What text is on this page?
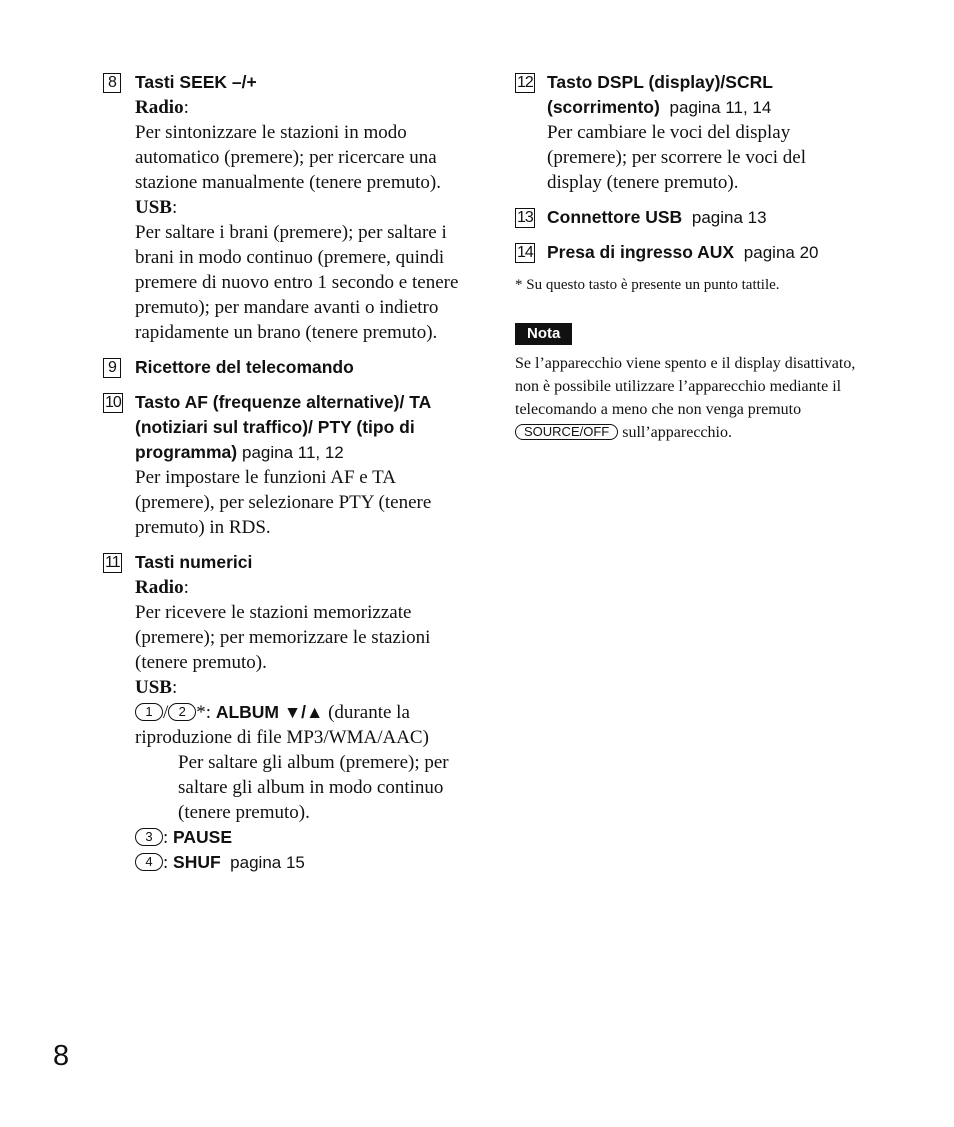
8 Tasti SEEK –/+
Radio:
Per sintonizzare le stazioni in modo automatico (premere); per ricercare una stazione manualmente (tenere premuto).
USB:
Per saltare i brani (premere); per saltare i brani in modo continuo (premere, quindi premere di nuovo entro 1 secondo e tenere premuto); per mandare avanti o indietro rapidamente un brano (tenere premuto).
9 Ricettore del telecomando
10 Tasto AF (frequenze alternative)/ TA (notiziari sul traffico)/ PTY (tipo di programma) pagina 11, 12
Per impostare le funzioni AF e TA (premere), per selezionare PTY (tenere premuto) in RDS.
11 Tasti numerici
Radio:
Per ricevere le stazioni memorizzate (premere); per memorizzare le stazioni (tenere premuto).
USB:
1 / 2 *: ALBUM ▼/▲ (durante la riproduzione di file MP3/WMA/AAC)
Per saltare gli album (premere); per saltare gli album in modo continuo (tenere premuto).
3 : PAUSE
4 : SHUF pagina 15
12 Tasto DSPL (display)/SCRL (scorrimento) pagina 11, 14
Per cambiare le voci del display (premere); per scorrere le voci del display (tenere premuto).
13 Connettore USB pagina 13
14 Presa di ingresso AUX pagina 20
* Su questo tasto è presente un punto tattile.
Nota
Se l’apparecchio viene spento e il display disattivato, non è possibile utilizzare l’apparecchio mediante il telecomando a meno che non venga premuto SOURCE/OFF sull’apparecchio.
8
